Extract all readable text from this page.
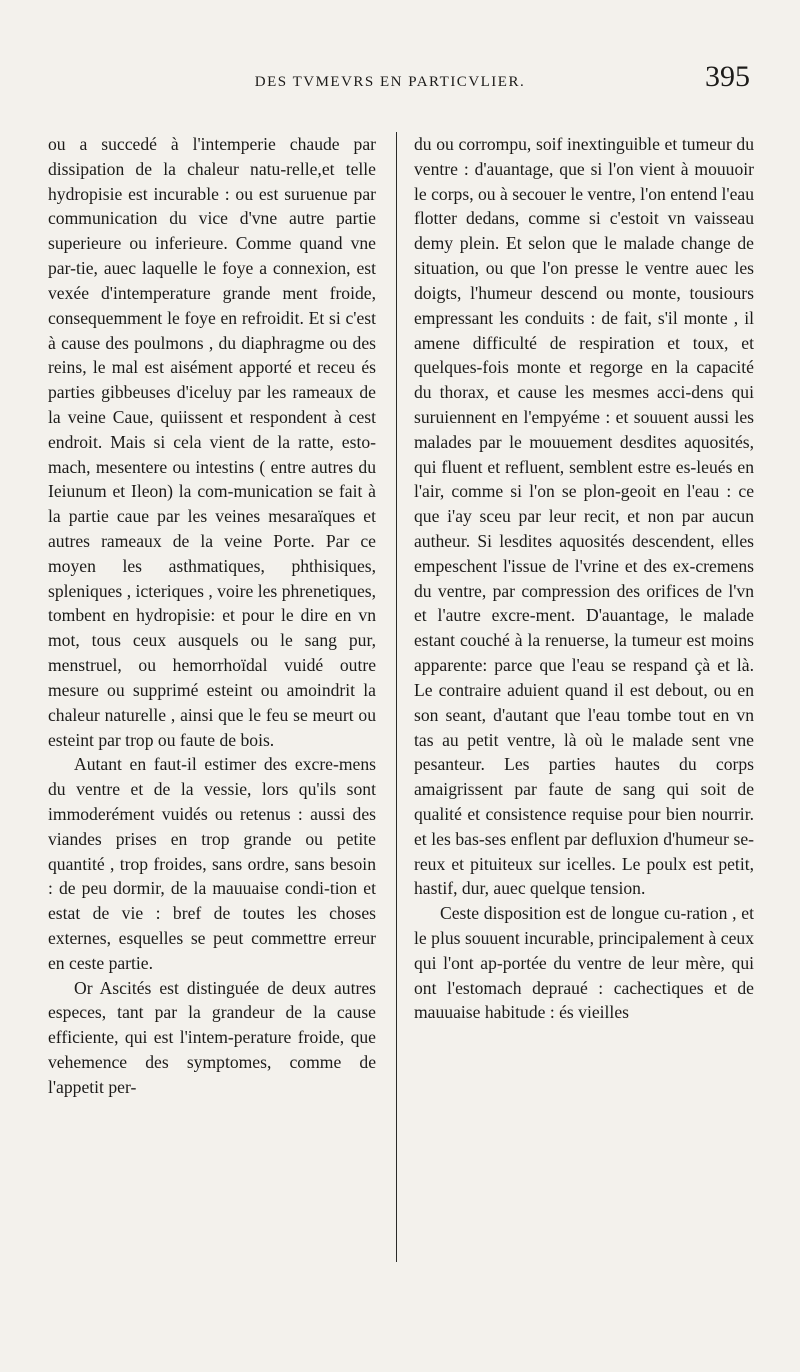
DES TVMEVRS EN PARTICVLIER.	395

ou a succedé à l'intemperie chaude par dissipation de la chaleur natu-relle,et telle hydropisie est incurable : ou est suruenue par communication du vice d'vne autre partie superieure ou inferieure. Comme quand vne par-tie, auec laquelle le foye a connexion, est vexée d'intemperature grande ment froide, consequemment le foye en refroidit. Et si c'est à cause des poulmons , du diaphragme ou des reins, le mal est aisément apporté et receu és parties gibbeuses d'iceluy par les rameaux de la veine Caue, quiissent et respondent à cest endroit. Mais si cela vient de la ratte, esto-mach, mesentere ou intestins ( entre autres du Ieiunum et Ileon) la com-munication se fait à la partie caue par les veines mesaraïques et autres rameaux de la veine Porte. Par ce moyen les asthmatiques, phthisiques, spleniques , icteriques , voire les phrenetiques, tombent en hydropisie: et pour le dire en vn mot, tous ceux ausquels ou le sang pur, menstruel, ou hemorrhoïdal vuidé outre mesure ou supprimé esteint ou amoindrit la chaleur naturelle , ainsi que le feu se meurt ou esteint par trop ou faute de bois.

Autant en faut-il estimer des excre-mens du ventre et de la vessie, lors qu'ils sont immoderément vuidés ou retenus : aussi des viandes prises en trop grande ou petite quantité , trop froides, sans ordre, sans besoin : de peu dormir, de la mauuaise condi-tion et estat de vie : bref de toutes les choses externes, esquelles se peut commettre erreur en ceste partie.

Or Ascités est distinguée de deux autres especes, tant par la grandeur de la cause efficiente, qui est l'intem-perature froide, que vehemence des symptomes, comme de l'appetit per-

du ou corrompu, soif inextinguible et tumeur du ventre : d'auantage, que si l'on vient à mouuoir le corps, ou à secouer le ventre, l'on entend l'eau flotter dedans, comme si c'estoit vn vaisseau demy plein. Et selon que le malade change de situation, ou que l'on presse le ventre auec les doigts, l'humeur descend ou monte, tousiours empressant les conduits : de fait, s'il monte , il amene difficulté de respiration et toux, et quelques-fois monte et regorge en la capacité du thorax, et cause les mesmes acci-dens qui suruiennent en l'empyéme : et souuent aussi les malades par le mouuement desdites aquosités, qui fluent et refluent, semblent estre es-leués en l'air, comme si l'on se plon-geoit en l'eau : ce que i'ay sceu par leur recit, et non par aucun autheur. Si lesdites aquosités descendent, elles empeschent l'issue de l'vrine et des ex-cremens du ventre, par compression des orifices de l'vn et l'autre excre-ment. D'auantage, le malade estant couché à la renuerse, la tumeur est moins apparente: parce que l'eau se respand çà et là. Le contraire aduient quand il est debout, ou en son seant, d'autant que l'eau tombe tout en vn tas au petit ventre, là où le malade sent vne pesanteur. Les parties hautes du corps amaigrissent par faute de sang qui soit de qualité et consistence requise pour bien nourrir. et les bas-ses enflent par defluxion d'humeur se-reux et pituiteux sur icelles. Le poulx est petit, hastif, dur, auec quelque tension.

Ceste disposition est de longue cu-ration , et le plus souuent incurable, principalement à ceux qui l'ont ap-portée du ventre de leur mère, qui ont l'estomach depraué : cachectiques et de mauuaise habitude : és vieilles
